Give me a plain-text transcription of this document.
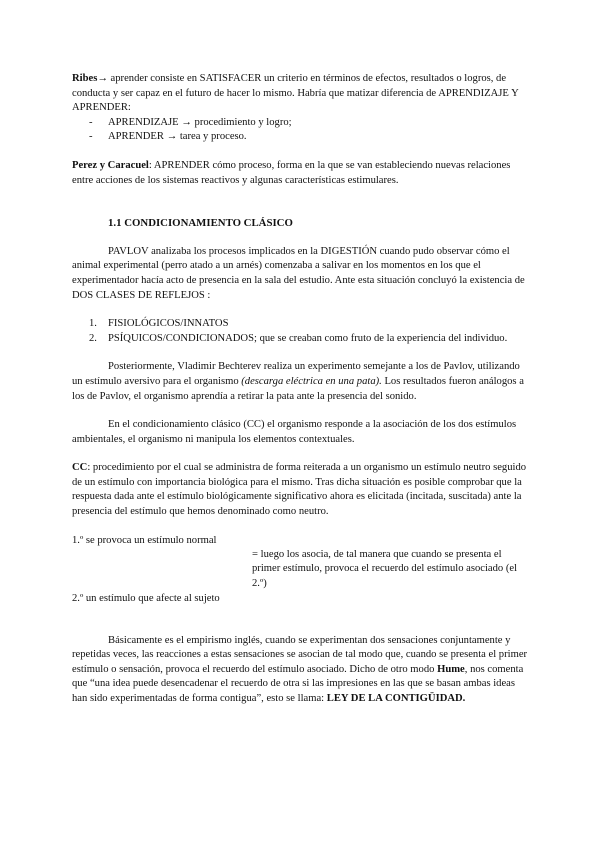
Ribes→ aprender consiste en SATISFACER un criterio en términos de efectos, resultados o logros, de conducta y ser capaz en el futuro de hacer lo mismo. Habría que matizar diferencia de APRENDIZAJE Y APRENDER:

- APRENDIZAJE → procedimiento y logro;
- APRENDER → tarea y proceso.

Perez y Caracuel: APRENDER cómo proceso, forma en la que se van estableciendo nuevas relaciones entre acciones de los sistemas reactivos y algunas características estimulares.

1.1 CONDICIONAMIENTO CLÁSICO

PAVLOV analizaba los procesos implicados en la DIGESTIÓN cuando pudo observar cómo el animal experimental (perro atado a un arnés) comenzaba a salivar en los momentos en los que el experimentador hacía acto de presencia en la sala del estudio. Ante esta situación concluyó la existencia de DOS CLASES DE REFLEJOS :

1. FISIOLÓGICOS/INNATOS
2. PSÍQUICOS/CONDICIONADOS; que se creaban como fruto de la experiencia del individuo.

Posteriormente, Vladimir Bechterev realiza un experimento semejante a los de Pavlov, utilizando un estímulo aversivo para el organismo (descarga eléctrica en una pata). Los resultados fueron análogos a los de Pavlov, el organismo aprendía a retirar la pata ante la presencia del sonido.

En el condicionamiento clásico (CC) el organismo responde a la asociación de los dos estímulos ambientales, el organismo ni manipula los elementos contextuales.

CC: procedimiento por el cual se administra de forma reiterada a un organismo un estímulo neutro seguido de un estímulo con importancia biológica para el mismo. Tras dicha situación es posible comprobar que la respuesta dada ante el estímulo biológicamente significativo ahora es elicitada (incitada, suscitada) ante la presencia del estímulo que hemos denominado como neutro.

1.º se provoca un estímulo normal
= luego los asocia, de tal manera que cuando se presenta el primer estímulo, provoca el recuerdo del estímulo asociado (el 2.º)
2.º un estímulo que afecte al sujeto

Básicamente es el empirismo inglés, cuando se experimentan dos sensaciones conjuntamente y repetidas veces, las reacciones a estas sensaciones se asocian de tal modo que, cuando se presenta el primer estímulo o sensación, provoca el recuerdo del estímulo asociado. Dicho de otro modo Hume, nos comenta que “una idea puede desencadenar el recuerdo de otra si las impresiones en las que se basan ambas ideas han sido experimentadas de forma contigua”, esto se llama: LEY DE LA CONTIGÜIDAD.
